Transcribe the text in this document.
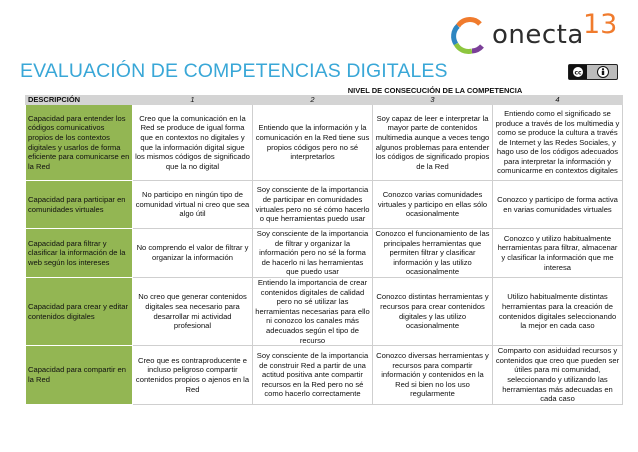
onecta 13
cc
EVALUACIÓN DE COMPETENCIAS DIGITALES
NIVEL DE CONSECUCIÓN DE LA COMPETENCIA
DESCRIPCIÓN	1	2	3	4
Capacidad para entender los códigos comunicativos propios de los contextos digitales y usarlos de forma eficiente para comunicarse en la Red	Creo que la comunicación en la Red se produce de igual forma que en contextos no digitales y que la información digital sigue los mismos códigos de significado que la no digital	Entiendo que la información y la comunicación en la Red tiene sus propios códigos pero no sé interpretarlos	Soy capaz de leer e interpretar la mayor parte de contenidos multimedia aunque a veces tengo algunos problemas para entender los códigos de significado propios de la Red	Entiendo como el significado se produce a través de los multimedia y como se produce la cultura a través de Internet y las Redes Sociales, y hago uso de los códigos adecuados para interpretar la información y comunicarme en contextos digitales
Capacidad para participar en comunidades virtuales	No participo en ningún tipo de comunidad virtual ni creo que sea algo útil	Soy consciente de la importancia de participar en comunidades virtuales pero no sé cómo hacerlo o que herramientas puedo usar	Conozco varias comunidades virtuales y participo en ellas sólo ocasionalmente	Conozco y participo de forma activa en varias comunidades virtuales
Capacidad para filtrar y clasificar la información de la web según los intereses	No comprendo el valor de filtrar y organizar la información	Soy consciente de la importancia de filtrar y organizar la información pero no sé la forma de hacerlo ni las herramientas que puedo usar	Conozco el funcionamiento de las principales herramientas que permiten filtrar y clasificar información y las utilizo ocasionalmente	Conozco y utilizo habitualmente herramientas para filtrar, almacenar y clasificar la información que me interesa
Capacidad para crear y editar contenidos digitales	No creo que generar contenidos digitales sea necesario para desarrollar mi actividad profesional	Entiendo la importancia de crear contenidos digitales de calidad pero no sé utilizar las herramientas necesarias para ello ni conozco los canales más adecuados según el tipo de recurso	Conozco distintas herramientas y recursos para crear contenidos digitales y las utilizo ocasionalmente	Utilizo habitualmente distintas herramientas para la creación de contenidos digitales seleccionando la mejor en cada caso
Capacidad para compartir en la Red	Creo que es contraproducente e incluso peligroso compartir contenidos propios o ajenos en la Red	Soy consciente de la importancia de construir Red a partir de una actitud positiva ante compartir recursos en la Red pero no sé como hacerlo correctamente	Conozco diversas herramientas y recursos para compartir información y contenidos en la Red si bien no los uso regularmente	Comparto con asiduidad recursos y contenidos que creo que pueden ser útiles para mi comunidad, seleccionando y utilizando las herramientas más adecuadas en cada caso
